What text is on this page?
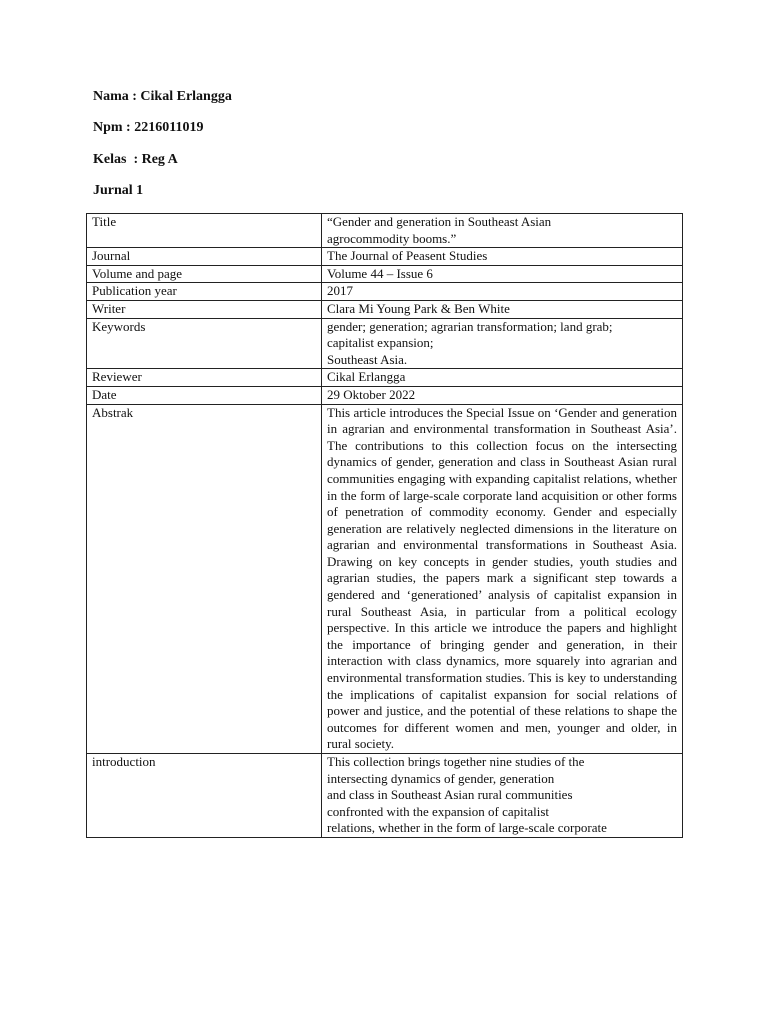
Nama : Cikal Erlangga
Npm : 2216011019
Kelas  : Reg A
Jurnal 1
Title	“Gender and generation in Southeast Asian
agrocommodity booms.”

Journal	The Journal of Peasent Studies
Volume and page	Volume 44 – Issue 6
Publication year	2017
Writer	Clara Mi Young Park & Ben White
Keywords	gender; generation; agrarian transformation; land grab;
capitalist expansion;
Southeast Asia.

Reviewer	Cikal Erlangga
Date	29 Oktober 2022
Abstrak	This article introduces the Special Issue on ‘Gender and generation in agrarian and environmental transformation in Southeast Asia’. The contributions to this collection focus on the intersecting dynamics of gender, generation and class in Southeast Asian rural communities engaging with expanding capitalist relations, whether in the form of large-scale corporate land acquisition or other forms of penetration of commodity economy. Gender and especially generation are relatively neglected dimensions in the literature on agrarian and environmental transformations in Southeast Asia. Drawing on key concepts in gender studies, youth studies and agrarian studies, the papers mark a significant step towards a gendered and ‘generationed’ analysis of capitalist expansion in rural Southeast Asia, in particular from a political ecology perspective. In this article we introduce the papers and highlight the importance of bringing gender and generation, in their interaction with class dynamics, more squarely into agrarian and environmental transformation studies. This is key to understanding the implications of capitalist expansion for social relations of power and justice, and the potential of these relations to shape the outcomes for different women and men, younger and older, in rural society.
introduction	This collection brings together nine studies of the
intersecting dynamics of gender, generation
and class in Southeast Asian rural communities
confronted with the expansion of capitalist
relations, whether in the form of large-scale corporate
